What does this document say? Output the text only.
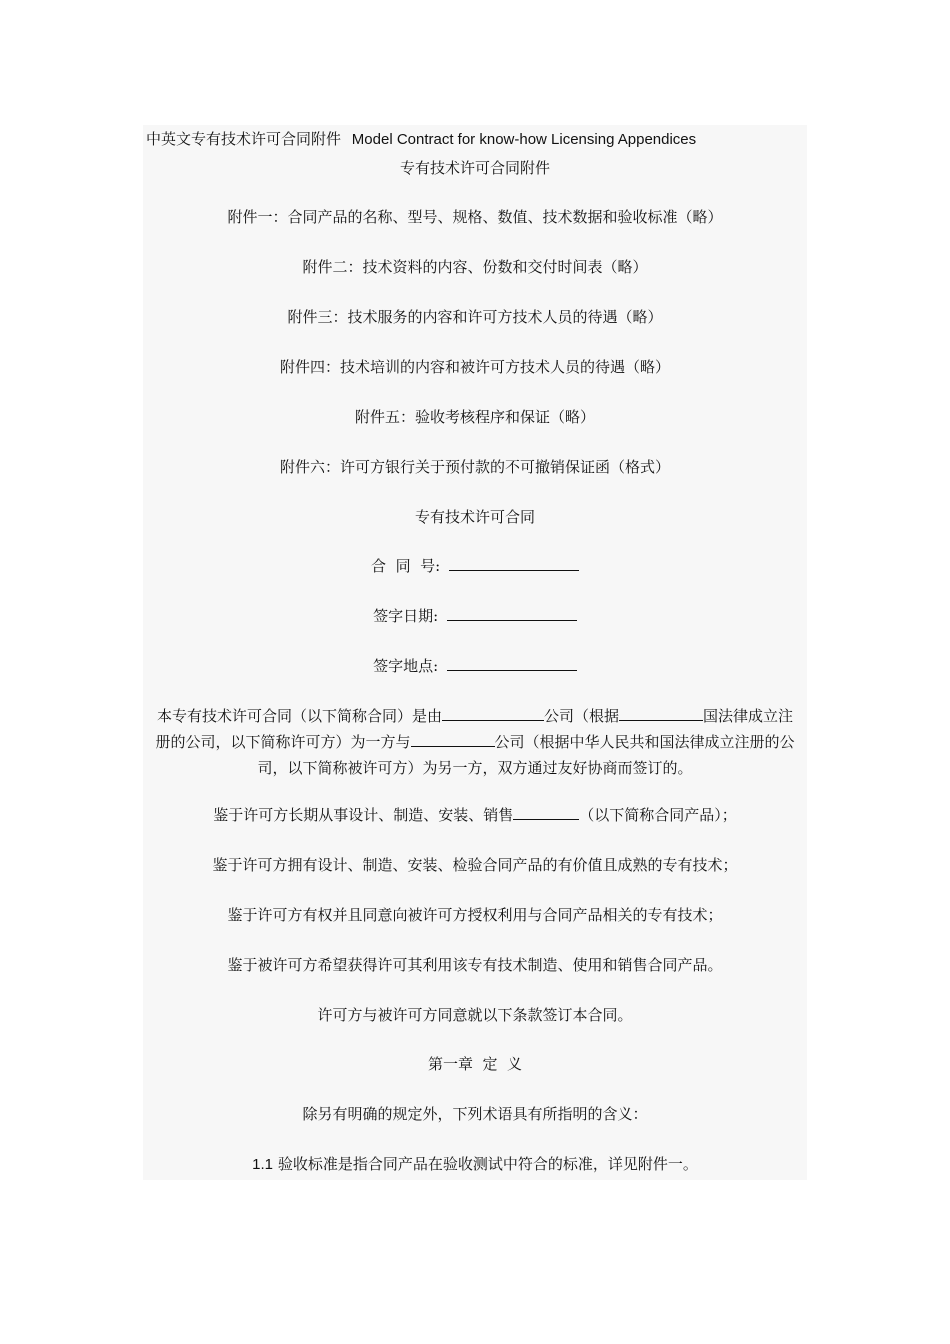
中英文专有技术许可合同附件 Model Contract for know-how Licensing Appendices
专有技术许可合同附件
附件一：合同产品的名称、型号、规格、数值、技术数据和验收标准（略）
附件二：技术资料的内容、份数和交付时间表（略）
附件三：技术服务的内容和许可方技术人员的待遇（略）
附件四：技术培训的内容和被许可方技术人员的待遇（略）
附件五：验收考核程序和保证（略）
附件六：许可方银行关于预付款的不可撤销保证函（格式）
专有技术许可合同
合  同  号:
签字日期:
签字地点:
本专有技术许可合同（以下简称合同）是由	公司（根据	国法律成立注册的公司，以下简称许可方）为一方与	公司（根据中华人民共和国法律成立注册的公司，以下简称被许可方）为另一方，双方通过友好协商而签订的。
鉴于许可方长期从事设计、制造、安装、销售	（以下简称合同产品）；
鉴于许可方拥有设计、制造、安装、检验合同产品的有价值且成熟的专有技术；
鉴于许可方有权并且同意向被许可方授权利用与合同产品相关的专有技术；
鉴于被许可方希望获得许可其利用该专有技术制造、使用和销售合同产品。
许可方与被许可方同意就以下条款签订本合同。
第一章  定  义
除另有明确的规定外，下列术语具有所指明的含义：
1.1 验收标准是指合同产品在验收测试中符合的标准，详见附件一。
